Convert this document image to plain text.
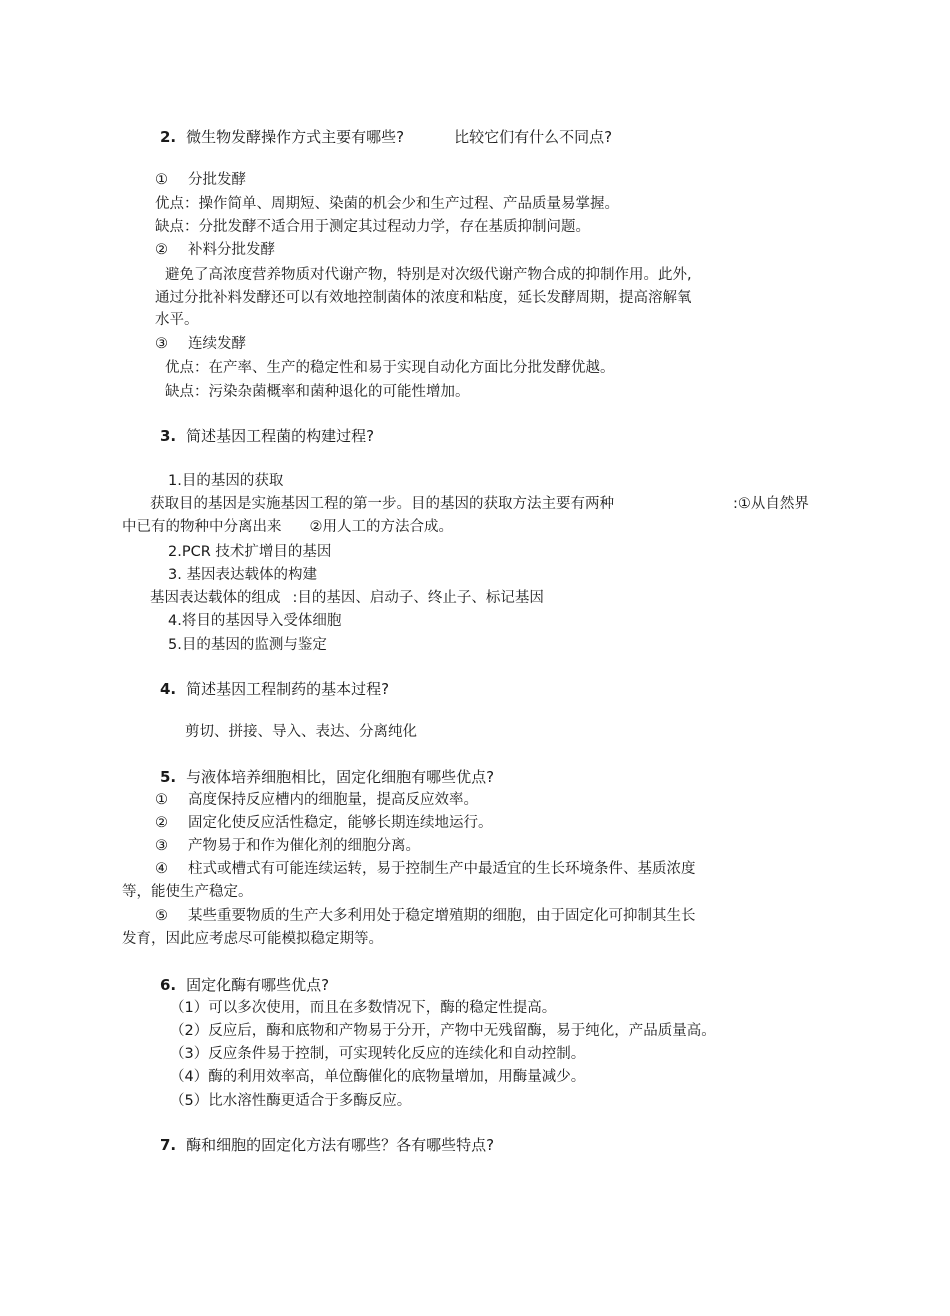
2. 微生物发酵操作方式主要有哪些?	比较它们有什么不同点?
① 分批发酵
优点：操作简单、周期短、染菌的机会少和生产过程、产品质量易掌握。
缺点：分批发酵不适合用于测定其过程动力学，存在基质抑制问题。
② 补料分批发酵
避免了高浓度营养物质对代谢产物，特别是对次级代谢产物合成的抑制作用。此外,
通过分批补料发酵还可以有效地控制菌体的浓度和粘度，延长发酵周期，提高溶解氧
水平。
③ 连续发酵
优点：在产率、生产的稳定性和易于实现自动化方面比分批发酵优越。
缺点：污染杂菌概率和菌种退化的可能性增加。
3. 简述基因工程菌的构建过程?
1.目的基因的获取
获取目的基因是实施基因工程的第一步。目的基因的获取方法主要有两种	:①从自然界
中已有的物种中分离出来 ②用人工的方法合成。
2.PCR 技术扩增目的基因
3. 基因表达载体的构建
基因表达载体的组成 :目的基因、启动子、终止子、标记基因
4.将目的基因导入受体细胞
5.目的基因的监测与鉴定
4. 简述基因工程制药的基本过程?
剪切、拼接、导入、表达、分离纯化
5. 与液体培养细胞相比，固定化细胞有哪些优点?
① 高度保持反应槽内的细胞量，提高反应效率。
② 固定化使反应活性稳定，能够长期连续地运行。
③ 产物易于和作为催化剂的细胞分离。
④ 柱式或槽式有可能连续运转，易于控制生产中最适宜的生长环境条件、基质浓度
等，能使生产稳定。
⑤ 某些重要物质的生产大多利用处于稳定增殖期的细胞，由于固定化可抑制其生长
发育，因此应考虑尽可能模拟稳定期等。
6. 固定化酶有哪些优点?
（1）可以多次使用，而且在多数情况下，酶的稳定性提高。
（2）反应后，酶和底物和产物易于分开，产物中无残留酶，易于纯化，产品质量高。
（3）反应条件易于控制，可实现转化反应的连续化和自动控制。
（4）酶的利用效率高，单位酶催化的底物量增加，用酶量减少。
（5）比水溶性酶更适合于多酶反应。
7. 酶和细胞的固定化方法有哪些？各有哪些特点?
